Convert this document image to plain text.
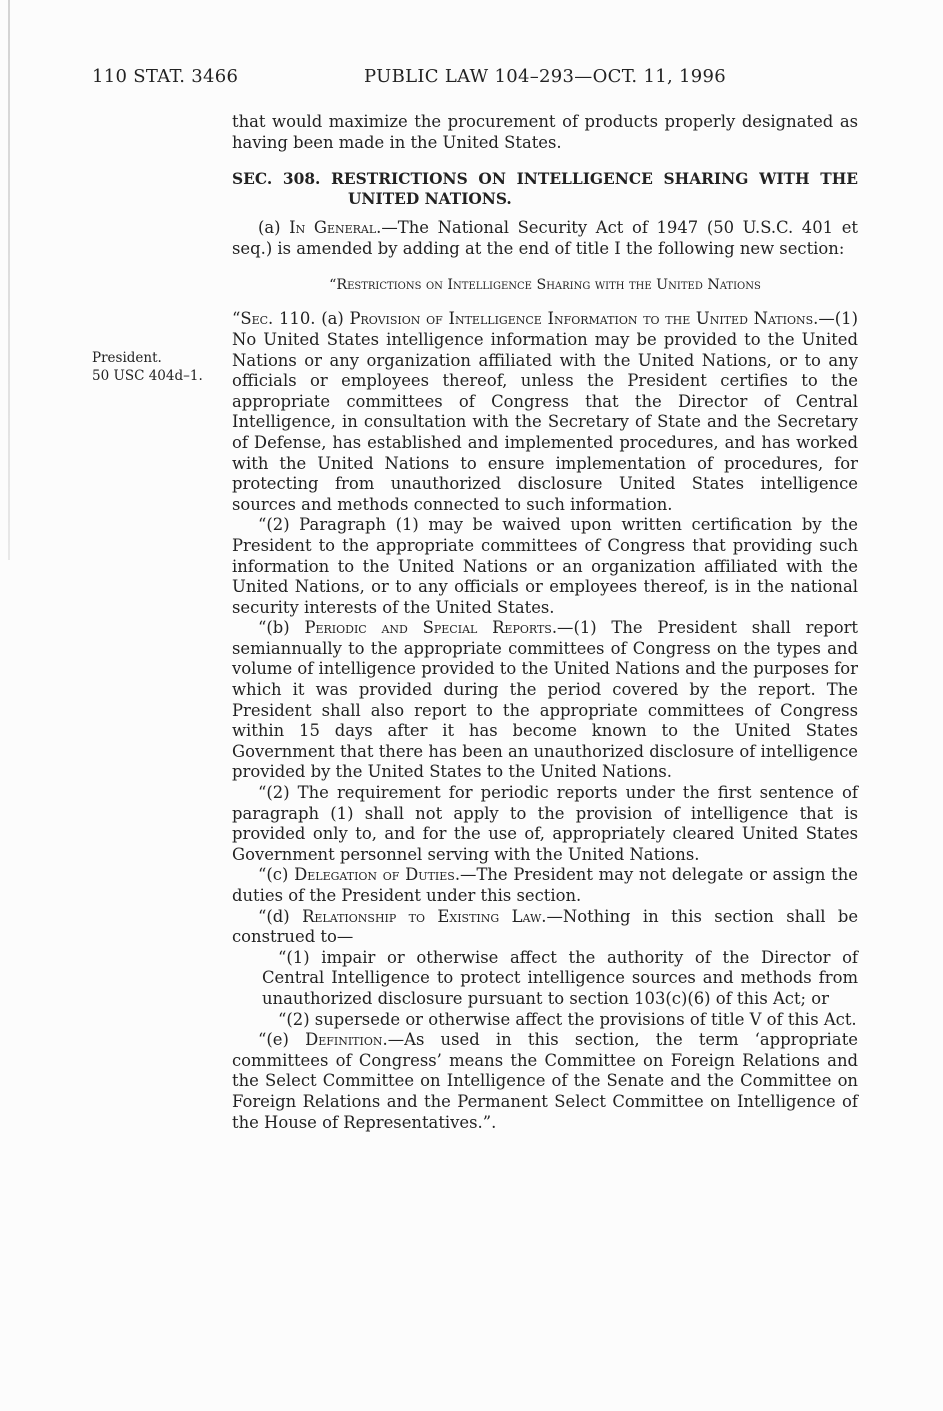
110 STAT. 3466	PUBLIC LAW 104–293—OCT. 11, 1996
President.
50 USC 404d–1.

that would maximize the procurement of products properly designated as having been made in the United States.

SEC. 308. RESTRICTIONS ON INTELLIGENCE SHARING WITH THE UNITED NATIONS.

(a) In General.—The National Security Act of 1947 (50 U.S.C. 401 et seq.) is amended by adding at the end of title I the following new section:

“Restrictions on Intelligence Sharing with the United Nations

“Sec. 110. (a) Provision of Intelligence Information to the United Nations.—(1) No United States intelligence information may be provided to the United Nations or any organization affiliated with the United Nations, or to any officials or employees thereof, unless the President certifies to the appropriate committees of Congress that the Director of Central Intelligence, in consultation with the Secretary of State and the Secretary of Defense, has established and implemented procedures, and has worked with the United Nations to ensure implementation of procedures, for protecting from unauthorized disclosure United States intelligence sources and methods connected to such information.

“(2) Paragraph (1) may be waived upon written certification by the President to the appropriate committees of Congress that providing such information to the United Nations or an organization affiliated with the United Nations, or to any officials or employees thereof, is in the national security interests of the United States.

“(b) Periodic and Special Reports.—(1) The President shall report semiannually to the appropriate committees of Congress on the types and volume of intelligence provided to the United Nations and the purposes for which it was provided during the period covered by the report. The President shall also report to the appropriate committees of Congress within 15 days after it has become known to the United States Government that there has been an unauthorized disclosure of intelligence provided by the United States to the United Nations.

“(2) The requirement for periodic reports under the first sentence of paragraph (1) shall not apply to the provision of intelligence that is provided only to, and for the use of, appropriately cleared United States Government personnel serving with the United Nations.

“(c) Delegation of Duties.—The President may not delegate or assign the duties of the President under this section.

“(d) Relationship to Existing Law.—Nothing in this section shall be construed to—

“(1) impair or otherwise affect the authority of the Director of Central Intelligence to protect intelligence sources and methods from unauthorized disclosure pursuant to section 103(c)(6) of this Act; or

“(2) supersede or otherwise affect the provisions of title V of this Act.

“(e) Definition.—As used in this section, the term ‘appropriate committees of Congress’ means the Committee on Foreign Relations and the Select Committee on Intelligence of the Senate and the Committee on Foreign Relations and the Permanent Select Committee on Intelligence of the House of Representatives.”.
